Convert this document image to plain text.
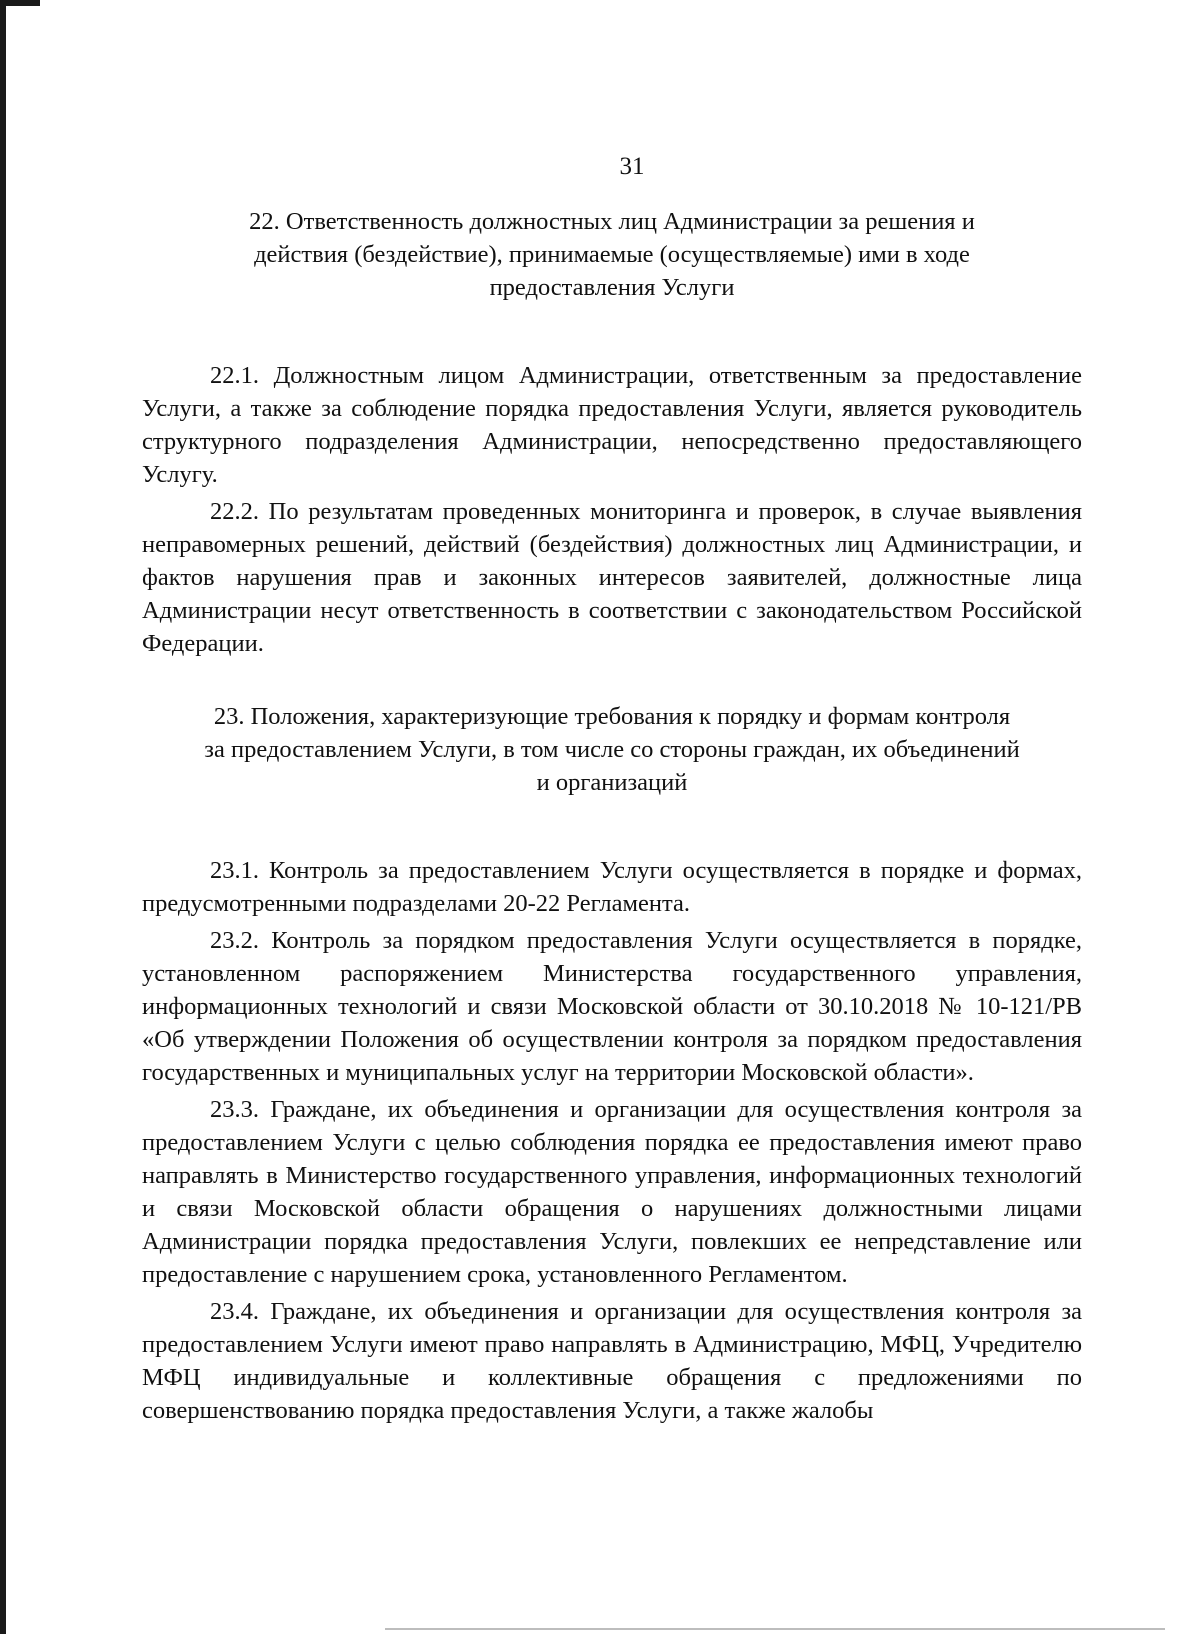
31
22. Ответственность должностных лиц Администрации за решения и
действия (бездействие), принимаемые (осуществляемые) ими в ходе
предоставления Услуги

22.1. Должностным лицом Администрации, ответственным за предоставление Услуги, а также за соблюдение порядка предоставления Услуги, является руководитель структурного подразделения Администрации, непосредственно предоставляющего Услугу.

22.2. По результатам проведенных мониторинга и проверок, в случае выявления неправомерных решений, действий (бездействия) должностных лиц Администрации, и фактов нарушения прав и законных интересов заявителей, должностные лица Администрации несут ответственность в соответствии с законодательством Российской Федерации.

23. Положения, характеризующие требования к порядку и формам контроля
за предоставлением Услуги, в том числе со стороны граждан, их объединений
и организаций

23.1. Контроль за предоставлением Услуги осуществляется в порядке и формах, предусмотренными подразделами 20-22 Регламента.

23.2. Контроль за порядком предоставления Услуги осуществляется в порядке, установленном распоряжением Министерства государственного управления, информационных технологий и связи Московской области от 30.10.2018 № 10-121/РВ «Об утверждении Положения об осуществлении контроля за порядком предоставления государственных и муниципальных услуг на территории Московской области».

23.3. Граждане, их объединения и организации для осуществления контроля за предоставлением Услуги с целью соблюдения порядка ее предоставления имеют право направлять в Министерство государственного управления, информационных технологий и связи Московской области обращения о нарушениях должностными лицами Администрации порядка предоставления Услуги, повлекших ее непредставление или предоставление с нарушением срока, установленного Регламентом.

23.4. Граждане, их объединения и организации для осуществления контроля за предоставлением Услуги имеют право направлять в Администрацию, МФЦ, Учредителю МФЦ индивидуальные и коллективные обращения с предложениями по совершенствованию порядка предоставления Услуги, а также жалобы
